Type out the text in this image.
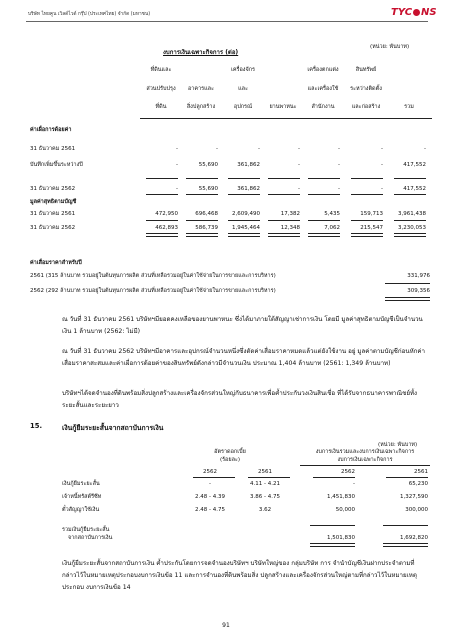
บริษัท ไทยคูน เวิลด์ไวด์ กรุ๊ป (ประเทศไทย) จำกัด (มหาชน)	TYC NS
(หน่วย: พันบาท)
งบการเงินเฉพาะกิจการ (ต่อ)
ที่ดินและ
ส่วนปรับปรุง
ที่ดิน
อาคารและ
สิ่งปลูกสร้าง
เครื่องจักร
และ
อุปกรณ์	ยานพาหนะ
เครื่องตกแต่ง
และเครื่องใช้
สำนักงาน
สินทรัพย์
ระหว่างติดตั้ง
และก่อสร้าง	รวม
ค่าเผื่อการด้อยค่า
31 ธันวาคม 2561	-	-	-	-	-	-	-
บันทึกเพิ่มขึ้นระหว่างปี	-	55,690	361,862	-	-	-	417,552
31 ธันวาคม 2562	-	55,690	361,862	-	-	-	417,552
มูลค่าสุทธิตามบัญชี
31 ธันวาคม 2561	472,950	696,468	2,609,490	17,382	5,435	159,713	3,961,438
31 ธันวาคม 2562	462,893	586,739	1,945,464	12,348	7,062	215,547	3,230,053
ค่าเสื่อมราคาสำหรับปี
2561 (315 ล้านบาท รวมอยู่ในต้นทุนการผลิต ส่วนที่เหลือรวมอยู่ในค่าใช้จ่ายในการขายและการบริหาร)	331,976
2562 (292 ล้านบาท รวมอยู่ในต้นทุนการผลิต ส่วนที่เหลือรวมอยู่ในค่าใช้จ่ายในการขายและการบริหาร)	309,356
ณ วันที่ 31 ธันวาคม 2561 บริษัทฯมียอดคงเหลือของยานพาหนะ ซึ่งได้มาภายใต้สัญญาเช่าการเงิน โดยมี มูลค่าสุทธิตามบัญชีเป็นจำนวนเงิน 1 ล้านบาท (2562: ไม่มี)
ณ วันที่ 31 ธันวาคม 2562 บริษัทฯมีอาคารและอุปกรณ์จำนวนหนึ่งซึ่งตัดค่าเสื่อมราคาหมดแล้วแต่ยังใช้งาน อยู่ มูลค่าตามบัญชีก่อนหักค่าเสื่อมราคาสะสมและค่าเผื่อการด้อยค่าของสินทรัพย์ดังกล่าวมีจำนวนเงิน ประมาณ 1,404 ล้านบาท (2561: 1,349 ล้านบาท)
บริษัทฯได้จดจำนองที่ดินพร้อมสิ่งปลูกสร้างและเครื่องจักรส่วนใหญ่กับธนาคารเพื่อค้ำประกันวงเงินสินเชื่อ ที่ได้รับจากธนาคารพาณิชย์ทั้งระยะสั้นและระยะยาว
15.	เงินกู้ยืมระยะสั้นจากสถาบันการเงิน
(หน่วย: พันบาท)
อัตราดอกเบี้ย
(ร้อยละ)
งบการเงินรวมและงบการเงินเฉพาะกิจการ
งบการเงินเฉพาะกิจการ
2562	2561	2562	2561
เงินกู้ยืมระยะสั้น	-	4.11 - 4.21	-	65,230
เจ้าหนี้ทรัสต์รีซีท	2.48 - 4.39	3.86 - 4.75	1,451,830	1,327,590
ตั๋วสัญญาใช้เงิน	2.48 - 4.75	3.62	50,000	300,000
รวมเงินกู้ยืมระยะสั้น
จากสถาบันการเงิน	1,501,830	1,692,820
เงินกู้ยืมระยะสั้นจากสถาบันการเงิน ค้ำประกันโดยการจดจำนองบริษัทฯ บริษัทใหญ่ของ กลุ่มบริษัท การ จำนำบัญชีเงินฝากประจำตามที่กล่าวไว้ในหมายเหตุประกอบงบการเงินข้อ 11 และการจำนองที่ดินพร้อมสิ่ง ปลูกสร้างและเครื่องจักรส่วนใหญ่ตามที่กล่าวไว้ในหมายเหตุประกอบ งบการเงินข้อ 14
91
